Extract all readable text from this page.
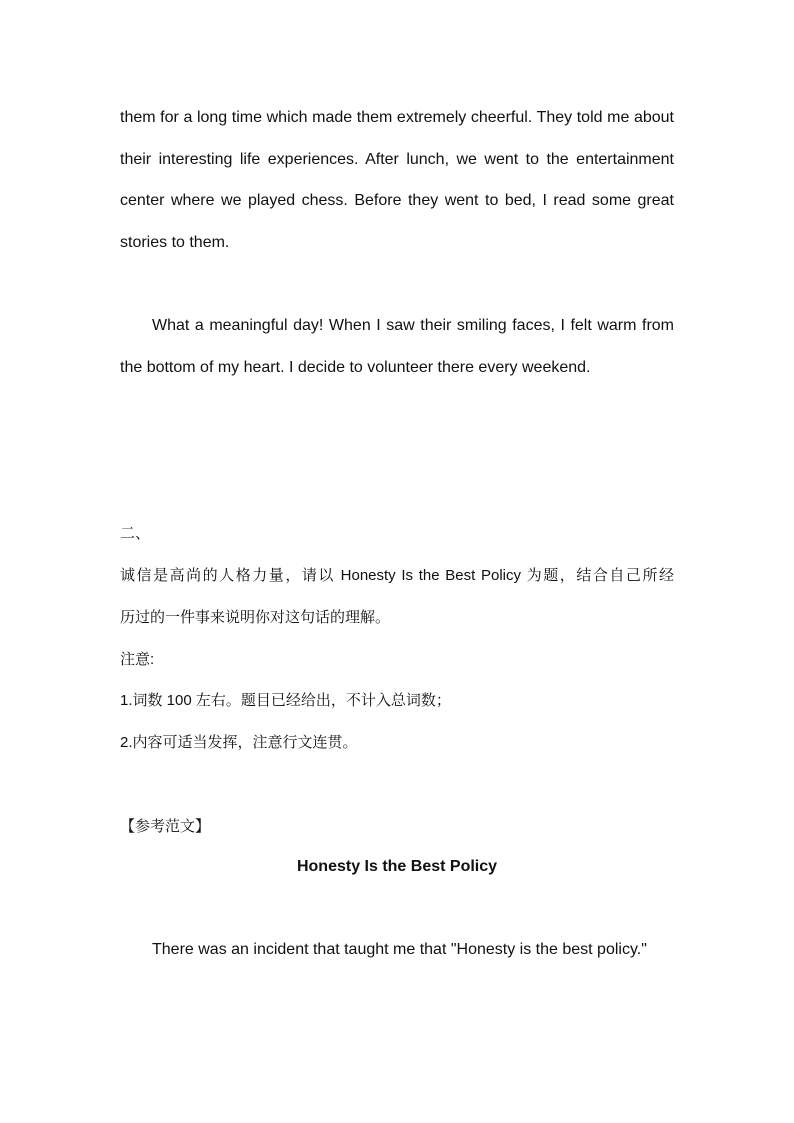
them for a long time which made them extremely cheerful. They told me about their interesting life experiences. After lunch, we went to the entertainment center where we played chess. Before they went to bed, I read some great stories to them.

What a meaningful day! When I saw their smiling faces, I felt warm from the bottom of my heart. I decide to volunteer there every weekend.

二、
诚信是高尚的人格力量，请以 Honesty Is the Best Policy 为题，结合自己所经
历过的一件事来说明你对这句话的理解。
注意:
1.词数 100 左右。题目已经给出，不计入总词数；
2.内容可适当发挥，注意行文连贯。
【参考范文】
Honesty Is the Best Policy

There was an incident that taught me that "Honesty is the best policy."
